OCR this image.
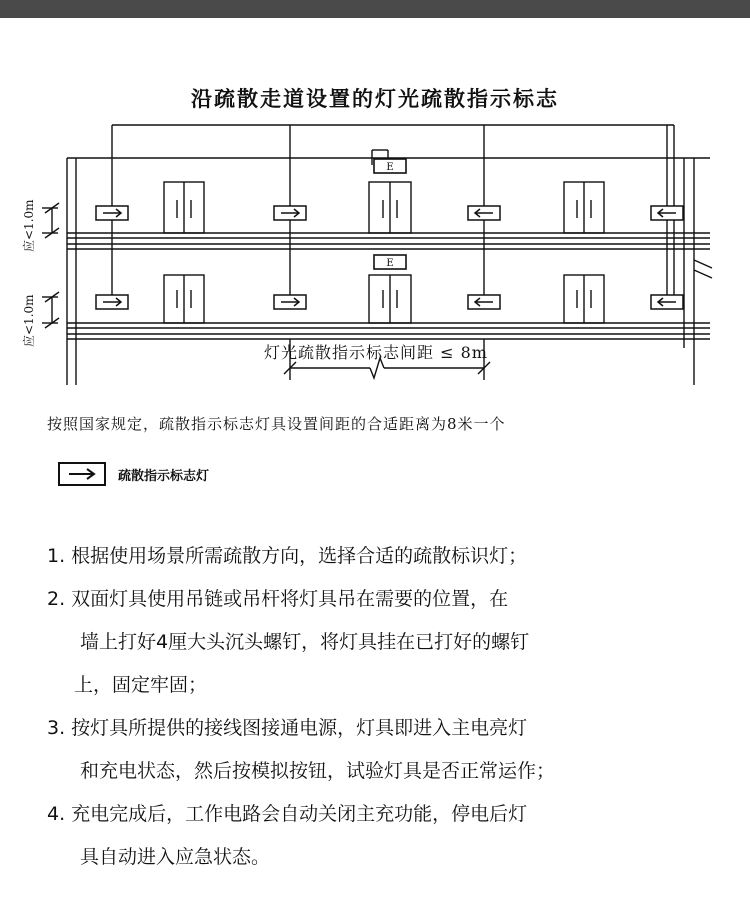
E
E
沿疏散走道设置的灯光疏散指示标志
应<1.0m
应<1.0m
灯光疏散指示标志间距 ≤ 8m
按照国家规定，疏散指示标志灯具设置间距的合适距离为8米一个
疏散指示标志灯
1. 根据使用场景所需疏散方向，选择合适的疏散标识灯；
2. 双面灯具使用吊链或吊杆将灯具吊在需要的位置，在
墙上打好4厘大头沉头螺钉，将灯具挂在已打好的螺钉
上，固定牢固；
3. 按灯具所提供的接线图接通电源，灯具即进入主电亮灯
和充电状态，然后按模拟按钮，试验灯具是否正常运作；
4. 充电完成后，工作电路会自动关闭主充功能，停电后灯
具自动进入应急状态。
